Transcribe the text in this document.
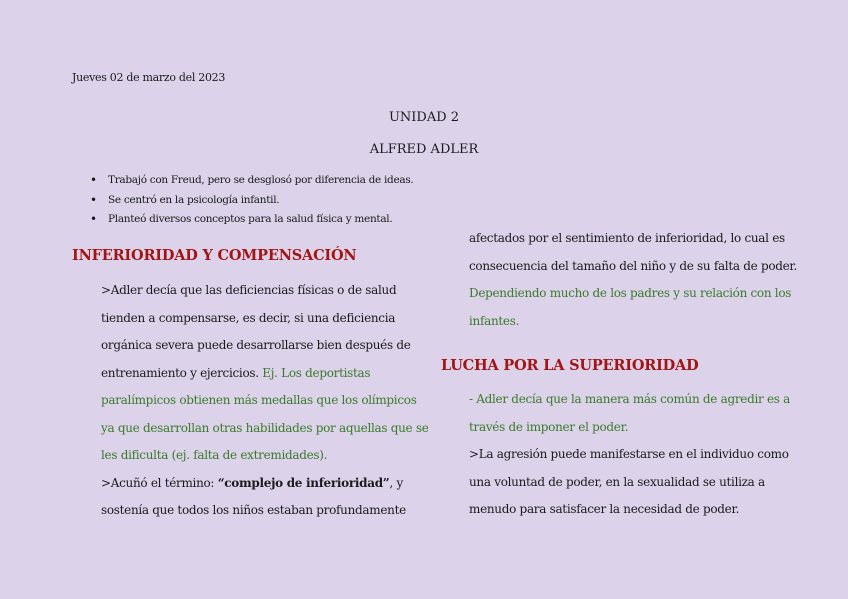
Jueves 02 de marzo del 2023
UNIDAD 2
ALFRED ADLER
• Trabajó con Freud, pero se desglosó por diferencia de ideas.
• Se centró en la psicología infantil.
• Planteó diversos conceptos para la salud física y mental.
INFERIORIDAD Y COMPENSACIÓN
>Adler decía que las deficiencias físicas o de salud
tienden a compensarse, es decir, si una deficiencia
orgánica severa puede desarrollarse bien después de
entrenamiento y ejercicios. Ej. Los deportistas
paralímpicos obtienen más medallas que los olímpicos
ya que desarrollan otras habilidades por aquellas que se
les dificulta (ej. falta de extremidades).
>Acuñó el término: “complejo de inferioridad”, y
sostenía que todos los niños estaban profundamente
afectados por el sentimiento de inferioridad, lo cual es
consecuencia del tamaño del niño y de su falta de poder.
Dependiendo mucho de los padres y su relación con los
infantes.
LUCHA POR LA SUPERIORIDAD
- Adler decía que la manera más común de agredir es a
través de imponer el poder.
>La agresión puede manifestarse en el individuo como
una voluntad de poder, en la sexualidad se utiliza a
menudo para satisfacer la necesidad de poder.
